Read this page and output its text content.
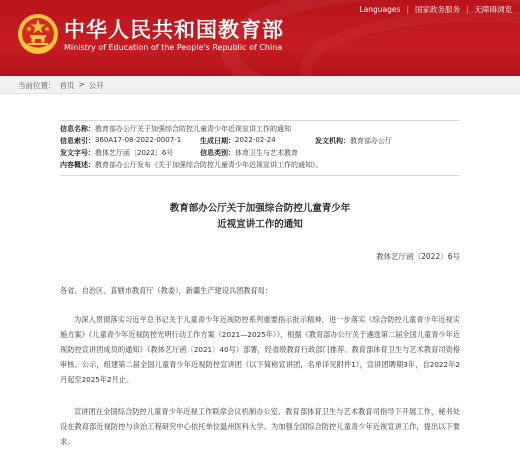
中华人民共和国教育部
Ministry of Education of the People's Republic of China
Languages | 国家政务服务 | 无障碍浏览
当前位置： 首页 > 公开
信息名称： 教育部办公厅关于加强综合防控儿童青少年近视宣讲工作的通知
信息索引： 360A17-08-2022-0007-1	生成日期： 2022-02-24	发文机构： 教育部办公厅
发文字号： 教体艺厅函〔2022〕6号	信息类别： 体育卫生与艺术教育
内容概述： 教育部办公厅发布《关于加强综合防控儿童青少年近视宣讲工作的通知》。
教育部办公厅关于加强综合防控儿童青少年
近视宣讲工作的通知
教体艺厅函〔2022〕6号
各省、自治区、直辖市教育厅（教委），新疆生产建设兵团教育局：
为深入贯彻落实习近平总书记关于儿童青少年近视防控系列重要指示批示精神，进一步落实《综合防控儿童青少年近视实施方案》《儿童青少年近视防控光明行动工作方案（2021—2025年）》，根据《教育部办公厅关于遴选第二届全国儿童青少年近视防控宣讲团成员的通知》（教体艺厅函〔2021〕40号）部署，经省级教育行政部门推荐、教育部体育卫生与艺术教育司资格审核、公示，组建第二届全国儿童青少年近视防控宣讲团（以下简称宣讲团，名单详见附件1），宣讲团聘期3年，自2022年2月起至2025年2月止。
宣讲团在全国综合防控儿童青少年近视工作联席会议机制办公室、教育部体育卫生与艺术教育司指导下开展工作，秘书处设在教育部近视防控与诊治工程研究中心依托单位温州医科大学。为加强全国综合防控儿童青少年近视宣讲工作，提出以下要求。
